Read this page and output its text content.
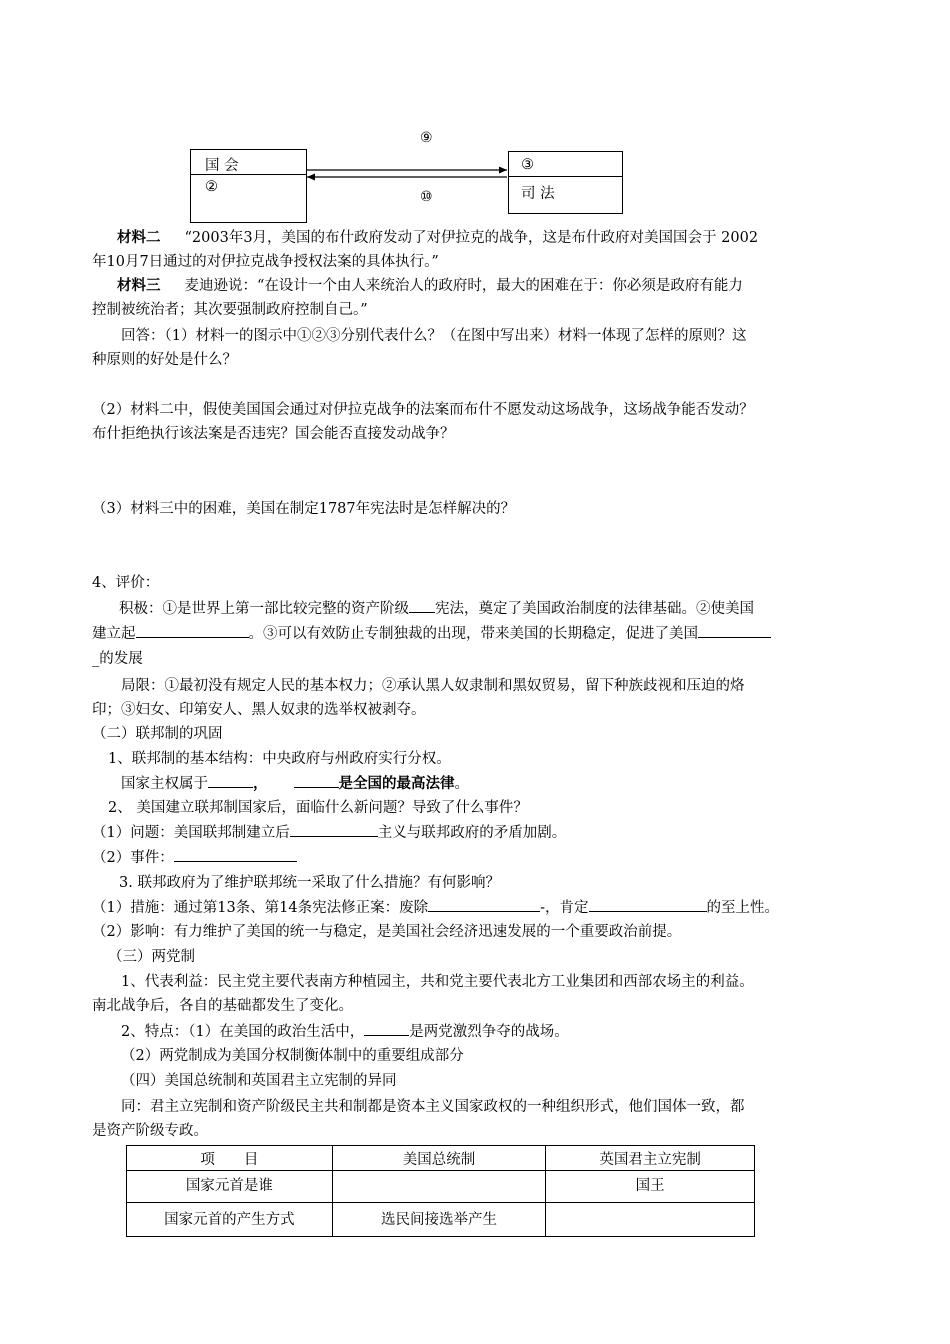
⑨
国 会
②
③
司 法
⑩
材料二 “2003年3月，美国的布什政府发动了对伊拉克的战争，这是布什政府对美国国会于 2002
年10月7日通过的对伊拉克战争授权法案的具体执行。”
材料三 麦迪逊说：“在设计一个由人来统治人的政府时，最大的困难在于：你必须是政府有能力
控制被统治者；其次要强制政府控制自己。”
回答：（1）材料一的图示中①②③分别代表什么？（在图中写出来）材料一体现了怎样的原则？这
种原则的好处是什么？
（2）材料二中，假使美国国会通过对伊拉克战争的法案而布什不愿发动这场战争，这场战争能否发动？
布什拒绝执行该法案是否违宪？国会能否直接发动战争？
（3）材料三中的困难，美国在制定1787年宪法时是怎样解决的？
4、评价：
积极：①是世界上第一部比较完整的资产阶级 宪法，奠定了美国政治制度的法律基础。②使美国
建立起	。③可以有效防止专制独裁的出现，带来美国的长期稳定，促进了美国
_的发展
局限：①最初没有规定人民的基本权力；②承认黑人奴隶制和黑奴贸易，留下种族歧视和压迫的烙
印；③妇女、印第安人、黑人奴隶的选举权被剥夺。
（二）联邦制的巩固
1、联邦制的基本结构：中央政府与州政府实行分权。
国家主权属于	，	是全国的最高法律。
2、 美国建立联邦制国家后，面临什么新问题？导致了什么事件？
（1）问题：美国联邦制建立后	主义与联邦政府的矛盾加剧。
（2）事件：
3. 联邦政府为了维护联邦统一采取了什么措施？有何影响？
（1）措施：通过第13条、第14条宪法修正案：废除	-，肯定	的至上性。
（2）影响：有力维护了美国的统一与稳定，是美国社会经济迅速发展的一个重要政治前提。
（三）两党制
1、代表利益：民主党主要代表南方种植园主，共和党主要代表北方工业集团和西部农场主的利益。
南北战争后，各自的基础都发生了变化。
2、特点：（1）在美国的政治生活中，	是两党激烈争夺的战场。
（2）两党制成为美国分权制衡体制中的重要组成部分
（四）美国总统制和英国君主立宪制的异同
同：君主立宪制和资产阶级民主共和制都是资本主义国家政权的一种组织形式，他们国体一致，都
是资产阶级专政。
项　　目	美国总统制	英国君主立宪制
国家元首是谁		国王
国家元首的产生方式	选民间接选举产生	
